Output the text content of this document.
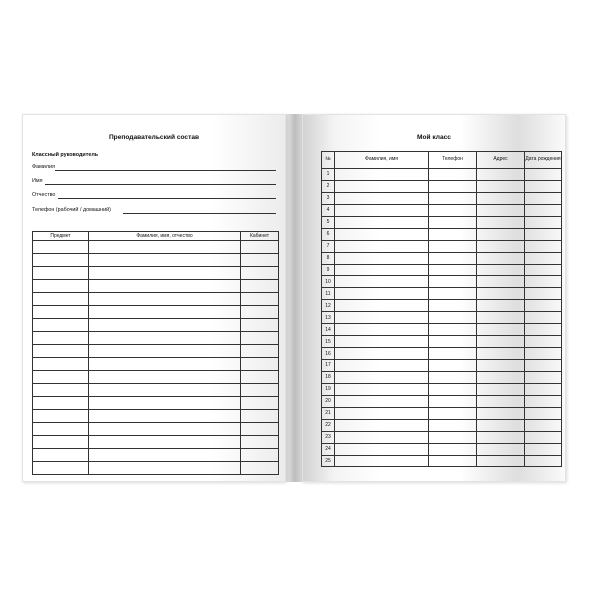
Преподавательский состав
Классный руководитель
Фамилия
Имя
Отчество
Телефон (рабочий / домашний)
Предмет	Фамилия, имя, отчество	Кабинет

Мой класс
№	Фамилия, имя	Телефон	Адрес	Дата рождения
1				
2				
3				
4				
5				
6				
7				
8				
9				
10				
11				
12				
13				
14				
15				
16				
17				
18				
19				
20				
21				
22				
23				
24				
25				
